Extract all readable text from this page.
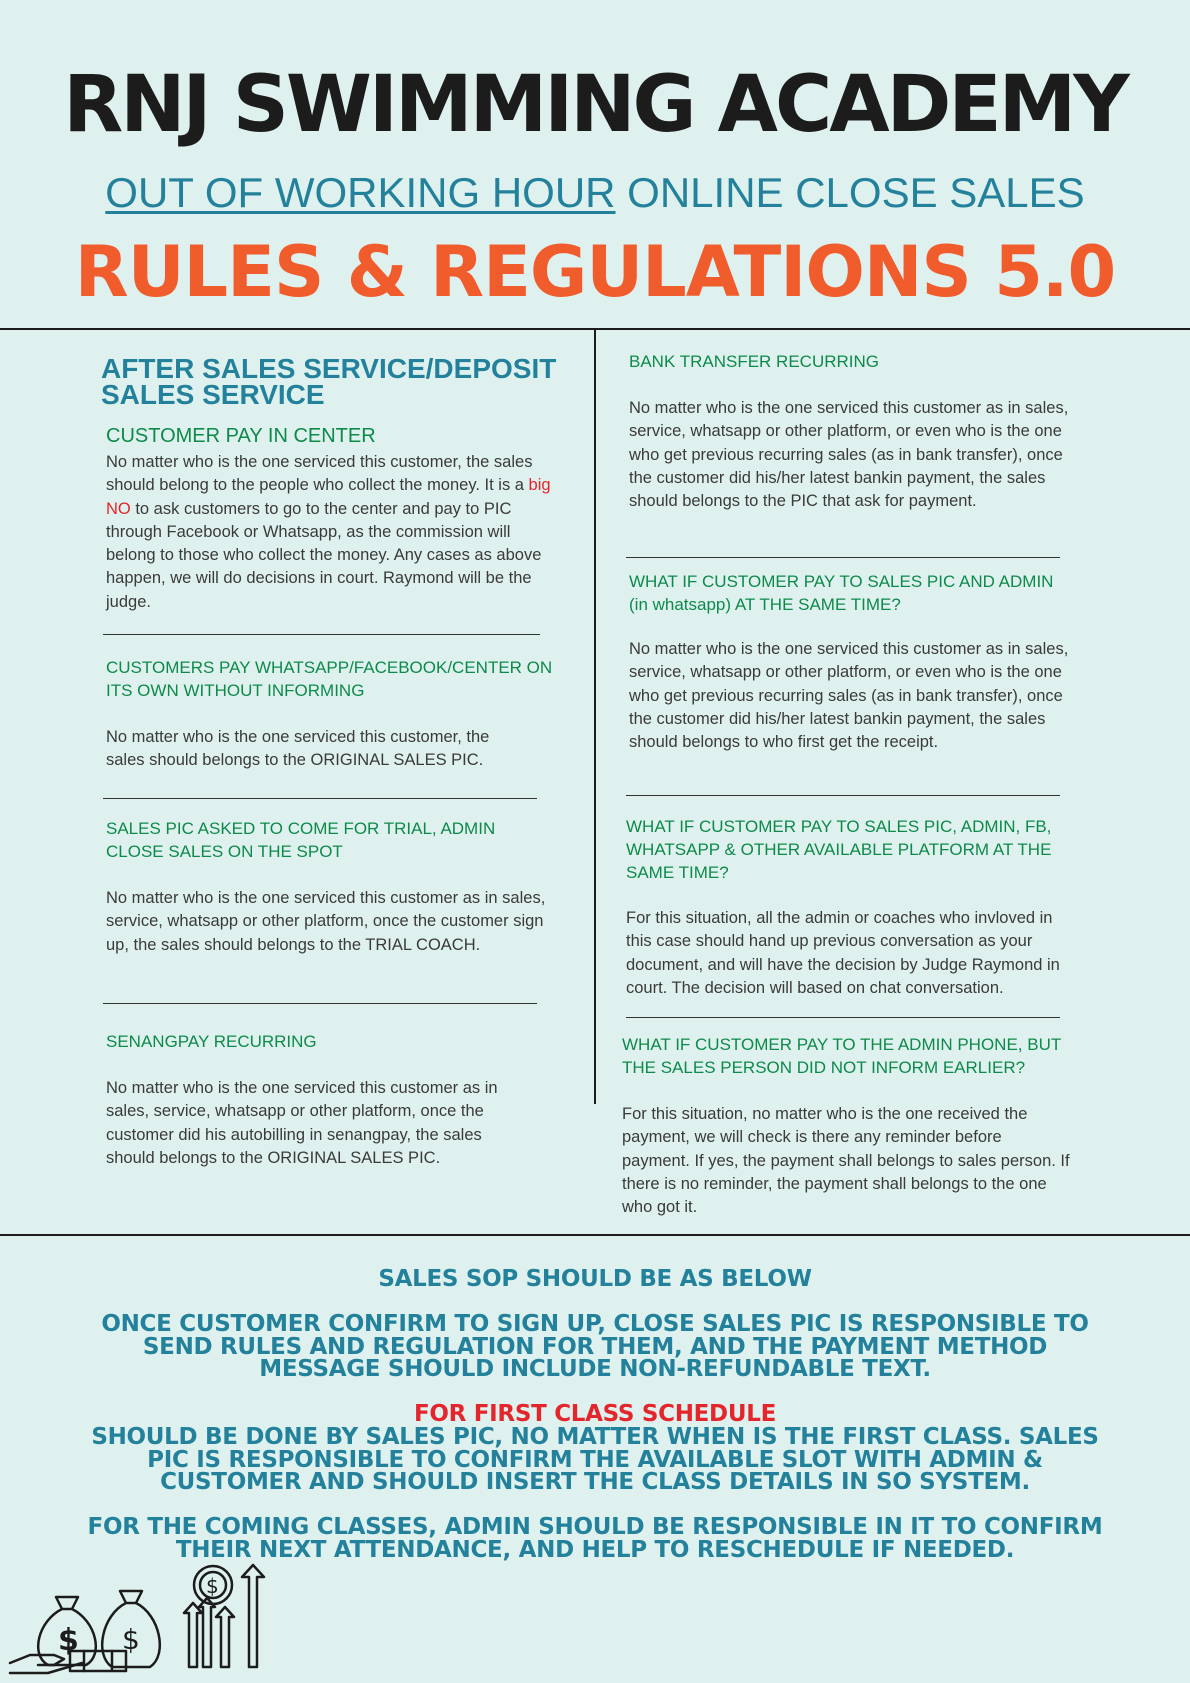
RNJ SWIMMING ACADEMY
OUT OF WORKING HOUR ONLINE CLOSE SALES
RULES & REGULATIONS 5.0
AFTER SALES SERVICE/DEPOSIT SALES SERVICE
CUSTOMER PAY IN CENTER
No matter who is the one serviced this customer, the sales should belong to the people who collect the money. It is a big NO to ask customers to go to the center and pay to PIC through Facebook or Whatsapp, as the commission will belong to those who collect the money. Any cases as above happen, we will do decisions in court. Raymond will be the judge.
CUSTOMERS PAY WHATSAPP/FACEBOOK/CENTER ON ITS OWN WITHOUT INFORMING
No matter who is the one serviced this customer, the sales should belongs to the ORIGINAL SALES PIC.
SALES PIC ASKED TO COME FOR TRIAL, ADMIN CLOSE SALES ON THE SPOT
No matter who is the one serviced this customer as in sales, service, whatsapp or other platform, once the customer sign up, the sales should belongs to the TRIAL COACH.
SENANGPAY RECURRING
No matter who is the one serviced this customer as in sales, service, whatsapp or other platform, once the customer did his autobilling in senangpay, the sales should belongs to the ORIGINAL SALES PIC.
BANK TRANSFER RECURRING
No matter who is the one serviced this customer as in sales, service, whatsapp or other platform, or even who is the one who get previous recurring sales (as in bank transfer), once the customer did his/her latest bankin payment, the sales should belongs to the PIC that ask for payment.
WHAT IF CUSTOMER PAY TO SALES PIC AND ADMIN (in whatsapp) AT THE SAME TIME?
No matter who is the one serviced this customer as in sales, service, whatsapp or other platform, or even who is the one who get previous recurring sales (as in bank transfer), once the customer did his/her latest bankin payment, the sales should belongs to who first get the receipt.
WHAT IF CUSTOMER PAY TO SALES PIC, ADMIN, FB, WHATSAPP & OTHER AVAILABLE PLATFORM AT THE SAME TIME?
For this situation, all the admin or coaches who invloved in this case should hand up previous conversation as your document, and will have the decision by Judge Raymond in court. The decision will based on chat conversation.
WHAT IF CUSTOMER PAY TO THE ADMIN PHONE, BUT THE SALES PERSON DID NOT INFORM EARLIER?
For this situation, no matter who is the one received the payment, we will check is there any reminder before payment. If yes, the payment shall belongs to sales person. If there is no reminder, the payment shall belongs to the one who got it.
SALES SOP SHOULD BE AS BELOW
ONCE CUSTOMER CONFIRM TO SIGN UP, CLOSE SALES PIC IS RESPONSIBLE TO SEND RULES AND REGULATION FOR THEM, AND THE PAYMENT METHOD MESSAGE SHOULD INCLUDE NON-REFUNDABLE TEXT.
FOR FIRST CLASS SCHEDULE
SHOULD BE DONE BY SALES PIC, NO MATTER WHEN IS THE FIRST CLASS. SALES PIC IS RESPONSIBLE TO CONFIRM THE AVAILABLE SLOT WITH ADMIN & CUSTOMER AND SHOULD INSERT THE CLASS DETAILS IN SO SYSTEM.
FOR THE COMING CLASSES, ADMIN SHOULD BE RESPONSIBLE IN IT TO CONFIRM THEIR NEXT ATTENDANCE, AND HELP TO RESCHEDULE IF NEEDED.
$ $
$
